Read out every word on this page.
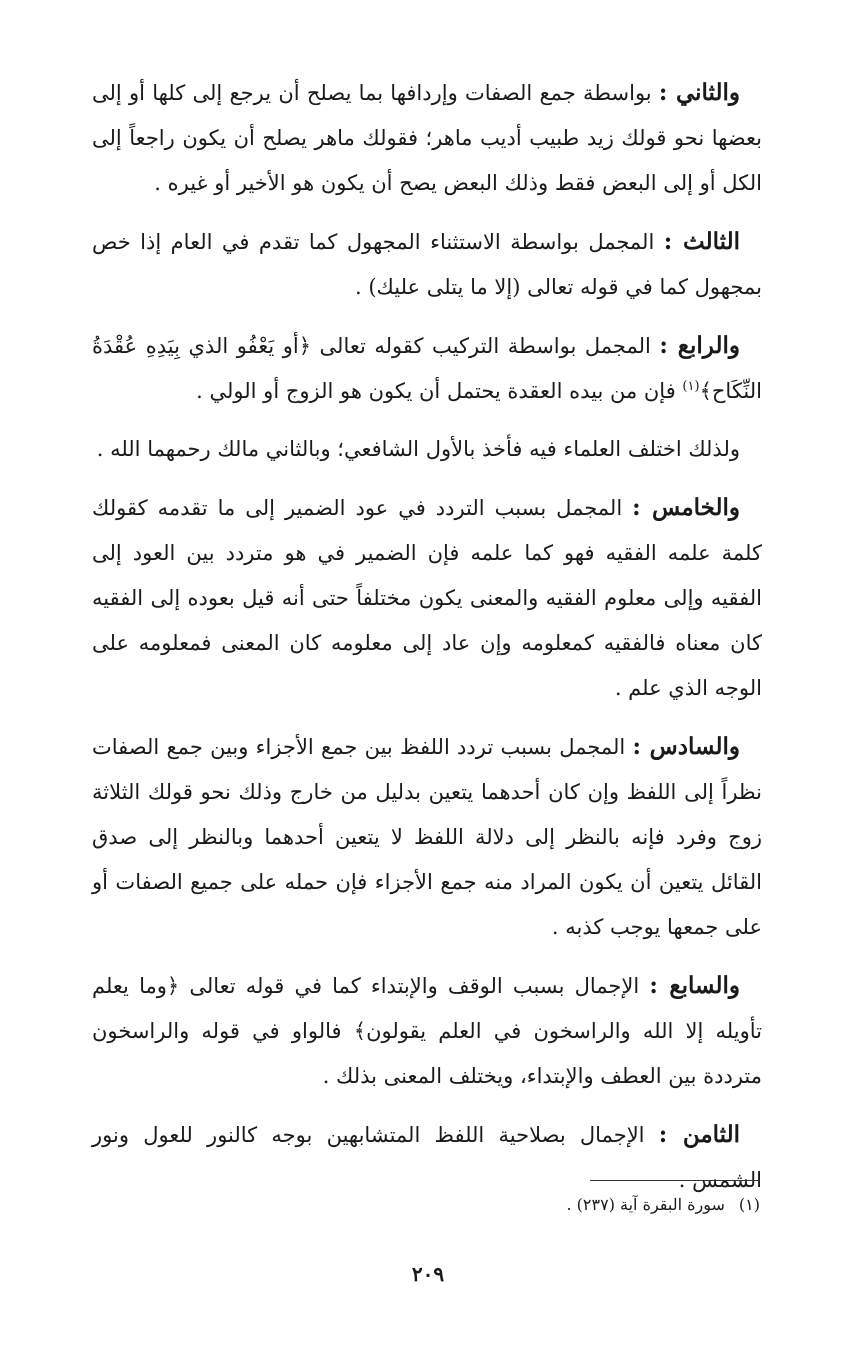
والثاني : بواسطة جمع الصفات وإردافها بما يصلح أن يرجع إلى كلها أو إلى بعضها نحو قولك زيد طبيب أديب ماهر؛ فقولك ماهر يصلح أن يكون راجعاً إلى الكل أو إلى البعض فقط وذلك البعض يصح أن يكون هو الأخير أو غيره .

الثالث : المجمل بواسطة الاستثناء المجهول كما تقدم في العام إذا خص بمجهول كما في قوله تعالى (إلا ما يتلى عليك) .

والرابع : المجمل بواسطة التركيب كقوله تعالى ﴿أو يَعْفُو الذي بِيَدِهِ عُقْدَةُ النِّكَاح﴾$^{(١)}$ فإن من بيده العقدة يحتمل أن يكون هو الزوج أو الولي .

ولذلك اختلف العلماء فيه فأخذ بالأول الشافعي؛ وبالثاني مالك رحمهما الله .

والخامس : المجمل بسبب التردد في عود الضمير إلى ما تقدمه كقولك كلمة علمه الفقيه فهو كما علمه فإن الضمير في هو متردد بين العود إلى الفقيه وإلى معلوم الفقيه والمعنى يكون مختلفاً حتى أنه قيل بعوده إلى الفقيه كان معناه فالفقيه كمعلومه وإن عاد إلى معلومه كان المعنى فمعلومه على الوجه الذي علم .

والسادس : المجمل بسبب تردد اللفظ بين جمع الأجزاء وبين جمع الصفات نظراً إلى اللفظ وإن كان أحدهما يتعين بدليل من خارج وذلك نحو قولك الثلاثة زوج وفرد فإنه بالنظر إلى دلالة اللفظ لا يتعين أحدهما وبالنظر إلى صدق القائل يتعين أن يكون المراد منه جمع الأجزاء فإن حمله على جميع الصفات أو على جمعها يوجب كذبه .

والسابع : الإجمال بسبب الوقف والإبتداء كما في قوله تعالى ﴿وما يعلم تأويله إلا الله والراسخون في العلم يقولون﴾ فالواو في قوله والراسخون مترددة بين العطف والإبتداء، ويختلف المعنى بذلك .

الثامن : الإجمال بصلاحية اللفظ المتشابهين بوجه كالنور للعول ونور الشمس .

(١)سورة البقرة آية (٢٣٧) .
٢٠٩
